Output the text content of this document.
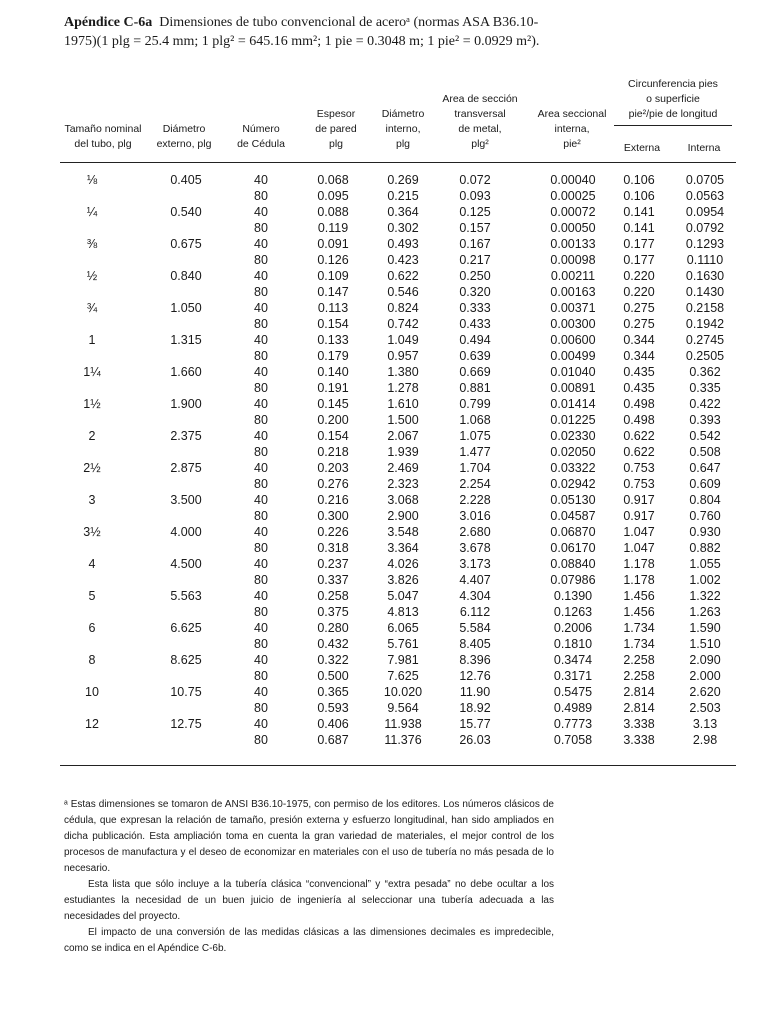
Apéndice C-6a Dimensiones de tubo convencional de aceroᵃ (normas ASA B36.10-
1975)(1 plg = 25.4 mm; 1 plg² = 645.16 mm²; 1 pie = 0.3048 m; 1 pie² = 0.0929 m²).
Tamaño nominal
del tubo, plg
Diámetro
externo, plg
Número
de Cédula
Espesor
de pared
plg
Diámetro
interno,
plg
Area de sección
transversal
de metal,
plg²
Area seccional
interna,
pie²
Circunferencia pies
o superficie
pie²/pie de longitud
Externa	Interna
⅛
¼
⅜
½
¾
1
1¼
1½
2
2½
3
3½
4
5
6
8
10
12
0.405
0.540
0.675
0.840
1.050
1.315
1.660
1.900
2.375
2.875
3.500
4.000
4.500
5.563
6.625
8.625
10.75
12.75
40
80
40
80
40
80
40
80
40
80
40
80
40
80
40
80
40
80
40
80
40
80
40
80
40
80
40
80
40
80
40
80
40
80
40
80
0.068
0.095
0.088
0.119
0.091
0.126
0.109
0.147
0.113
0.154
0.133
0.179
0.140
0.191
0.145
0.200
0.154
0.218
0.203
0.276
0.216
0.300
0.226
0.318
0.237
0.337
0.258
0.375
0.280
0.432
0.322
0.500
0.365
0.593
0.406
0.687
0.269
0.215
0.364
0.302
0.493
0.423
0.622
0.546
0.824
0.742
1.049
0.957
1.380
1.278
1.610
1.500
2.067
1.939
2.469
2.323
3.068
2.900
3.548
3.364
4.026
3.826
5.047
4.813
6.065
5.761
7.981
7.625
10.020
9.564
11.938
11.376
0.072
0.093
0.125
0.157
0.167
0.217
0.250
0.320
0.333
0.433
0.494
0.639
0.669
0.881
0.799
1.068
1.075
1.477
1.704
2.254
2.228
3.016
2.680
3.678
3.173
4.407
4.304
6.112
5.584
8.405
8.396
12.76
11.90
18.92
15.77
26.03
0.00040
0.00025
0.00072
0.00050
0.00133
0.00098
0.00211
0.00163
0.00371
0.00300
0.00600
0.00499
0.01040
0.00891
0.01414
0.01225
0.02330
0.02050
0.03322
0.02942
0.05130
0.04587
0.06870
0.06170
0.08840
0.07986
0.1390
0.1263
0.2006
0.1810
0.3474
0.3171
0.5475
0.4989
0.7773
0.7058
0.106
0.106
0.141
0.141
0.177
0.177
0.220
0.220
0.275
0.275
0.344
0.344
0.435
0.435
0.498
0.498
0.622
0.622
0.753
0.753
0.917
0.917
1.047
1.047
1.178
1.178
1.456
1.456
1.734
1.734
2.258
2.258
2.814
2.814
3.338
3.338
0.0705
0.0563
0.0954
0.0792
0.1293
0.1110
0.1630
0.1430
0.2158
0.1942
0.2745
0.2505
0.362
0.335
0.422
0.393
0.542
0.508
0.647
0.609
0.804
0.760
0.930
0.882
1.055
1.002
1.322
1.263
1.590
1.510
2.090
2.000
2.620
2.503
3.13
2.98

ᵃ Estas dimensiones se tomaron de ANSI B36.10-1975, con permiso de los editores. Los números clásicos de cédula, que expresan la relación de tamaño, presión externa y esfuerzo longitudinal, han sido ampliados en dicha publicación. Esta ampliación toma en cuenta la gran variedad de materiales, el mejor control de los procesos de manufactura y el deseo de economizar en materiales con el uso de tubería no más pesada de lo necesario.

Esta lista que sólo incluye a la tubería clásica “convencional” y “extra pesada” no debe ocultar a los estudiantes la necesidad de un buen juicio de ingeniería al seleccionar una tubería adecuada a las necesidades del proyecto.

El impacto de una conversión de las medidas clásicas a las dimensiones decimales es impredecible, como se indica en el Apéndice C-6b.
